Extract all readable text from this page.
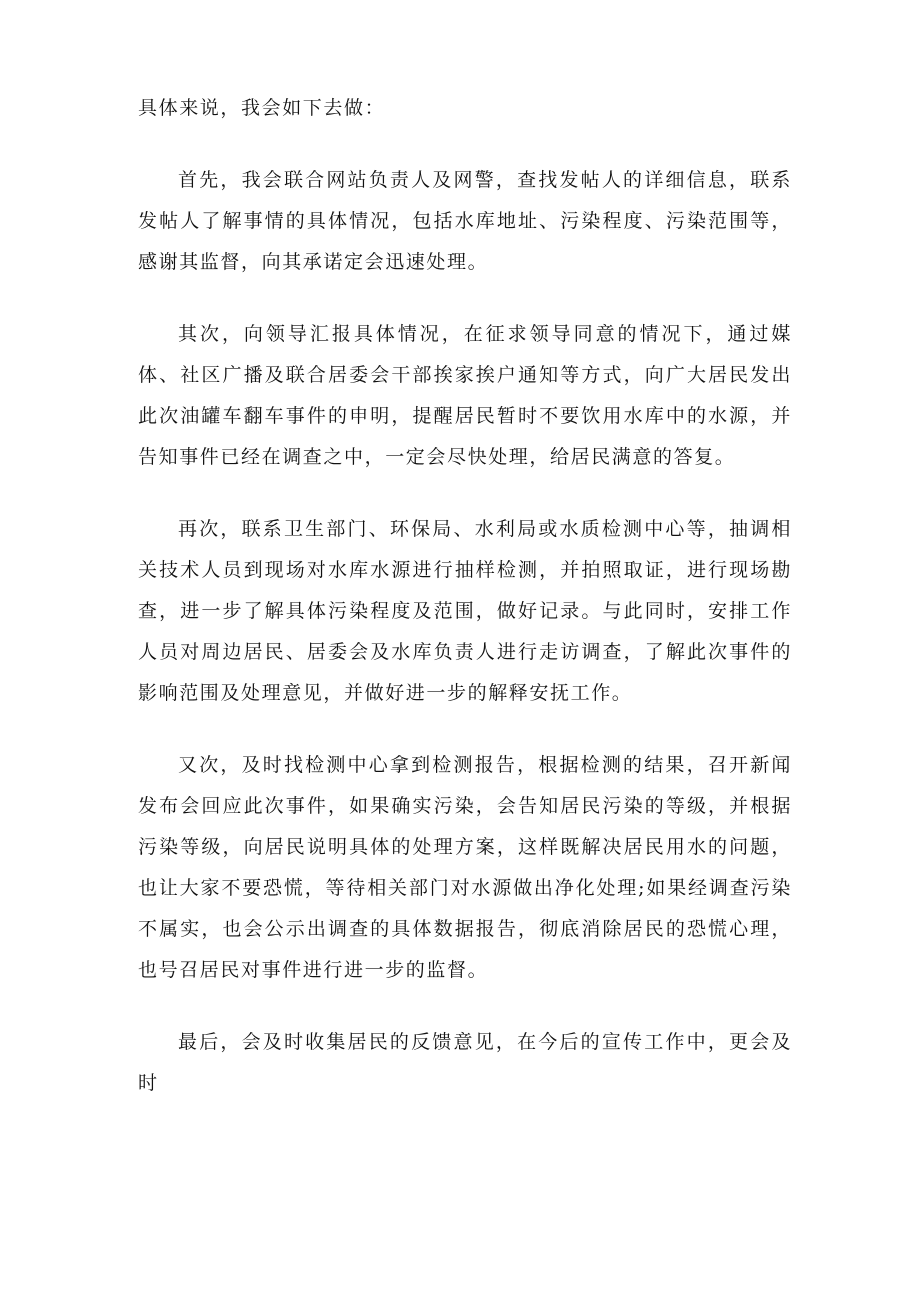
具体来说，我会如下去做：

首先，我会联合网站负责人及网警，查找发帖人的详细信息，联系发帖人了解事情的具体情况，包括水库地址、污染程度、污染范围等，感谢其监督，向其承诺定会迅速处理。

其次，向领导汇报具体情况，在征求领导同意的情况下，通过媒体、社区广播及联合居委会干部挨家挨户通知等方式，向广大居民发出此次油罐车翻车事件的申明，提醒居民暂时不要饮用水库中的水源，并告知事件已经在调查之中，一定会尽快处理，给居民满意的答复。

再次，联系卫生部门、环保局、水利局或水质检测中心等，抽调相关技术人员到现场对水库水源进行抽样检测，并拍照取证，进行现场勘查，进一步了解具体污染程度及范围，做好记录。与此同时，安排工作人员对周边居民、居委会及水库负责人进行走访调查，了解此次事件的影响范围及处理意见，并做好进一步的解释安抚工作。

又次，及时找检测中心拿到检测报告，根据检测的结果，召开新闻发布会回应此次事件，如果确实污染，会告知居民污染的等级，并根据污染等级，向居民说明具体的处理方案，这样既解决居民用水的问题，也让大家不要恐慌，等待相关部门对水源做出净化处理;如果经调查污染不属实，也会公示出调查的具体数据报告，彻底消除居民的恐慌心理，也号召居民对事件进行进一步的监督。

最后，会及时收集居民的反馈意见，在今后的宣传工作中，更会及时
